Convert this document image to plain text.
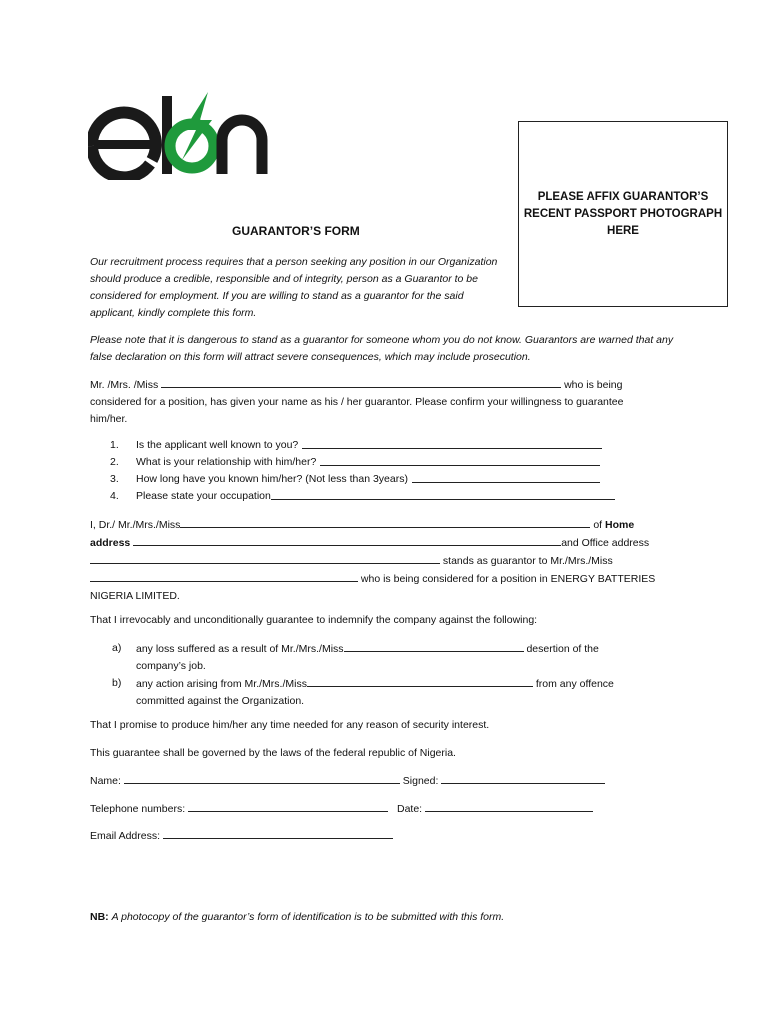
PLEASE AFFIX GUARANTOR’S RECENT PASSPORT PHOTOGRAPH HERE
GUARANTOR’S FORM
Our recruitment process requires that a person seeking any position in our Organization should produce a credible, responsible and of integrity, person as a Guarantor to be considered for employment. If you are willing to stand as a guarantor for the said applicant, kindly complete this form.
Please note that it is dangerous to stand as a guarantor for someone whom you do not know. Guarantors are warned that any false declaration on this form will attract severe consequences, which may include prosecution.
Mr. /Mrs. /Miss	who is being
considered for a position, has given your name as his / her guarantor. Please confirm your willingness to guarantee
him/her.
1.	Is the applicant well known to you?
2.	What is your relationship with him/her?
3.	How long have you known him/her? (Not less than 3years)
4.	Please state your occupation
I, Dr./ Mr./Mrs./Miss	of Home
address	and Office address
stands as guarantor to Mr./Mrs./Miss
who is being considered for a position in ENERGY BATTERIES
NIGERIA LIMITED.
That I irrevocably and unconditionally guarantee to indemnify the company against the following:
a)	any loss suffered as a result of Mr./Mrs./Miss	desertion of the
company’s job.
b)	any action arising from Mr./Mrs./Miss	from any offence
committed against the Organization.
That I promise to produce him/her any time needed for any reason of security interest.
This guarantee shall be governed by the laws of the federal republic of Nigeria.
Name:	Signed:
Telephone numbers:	Date:
Email Address:
NB: A photocopy of the guarantor’s form of identification is to be submitted with this form.
